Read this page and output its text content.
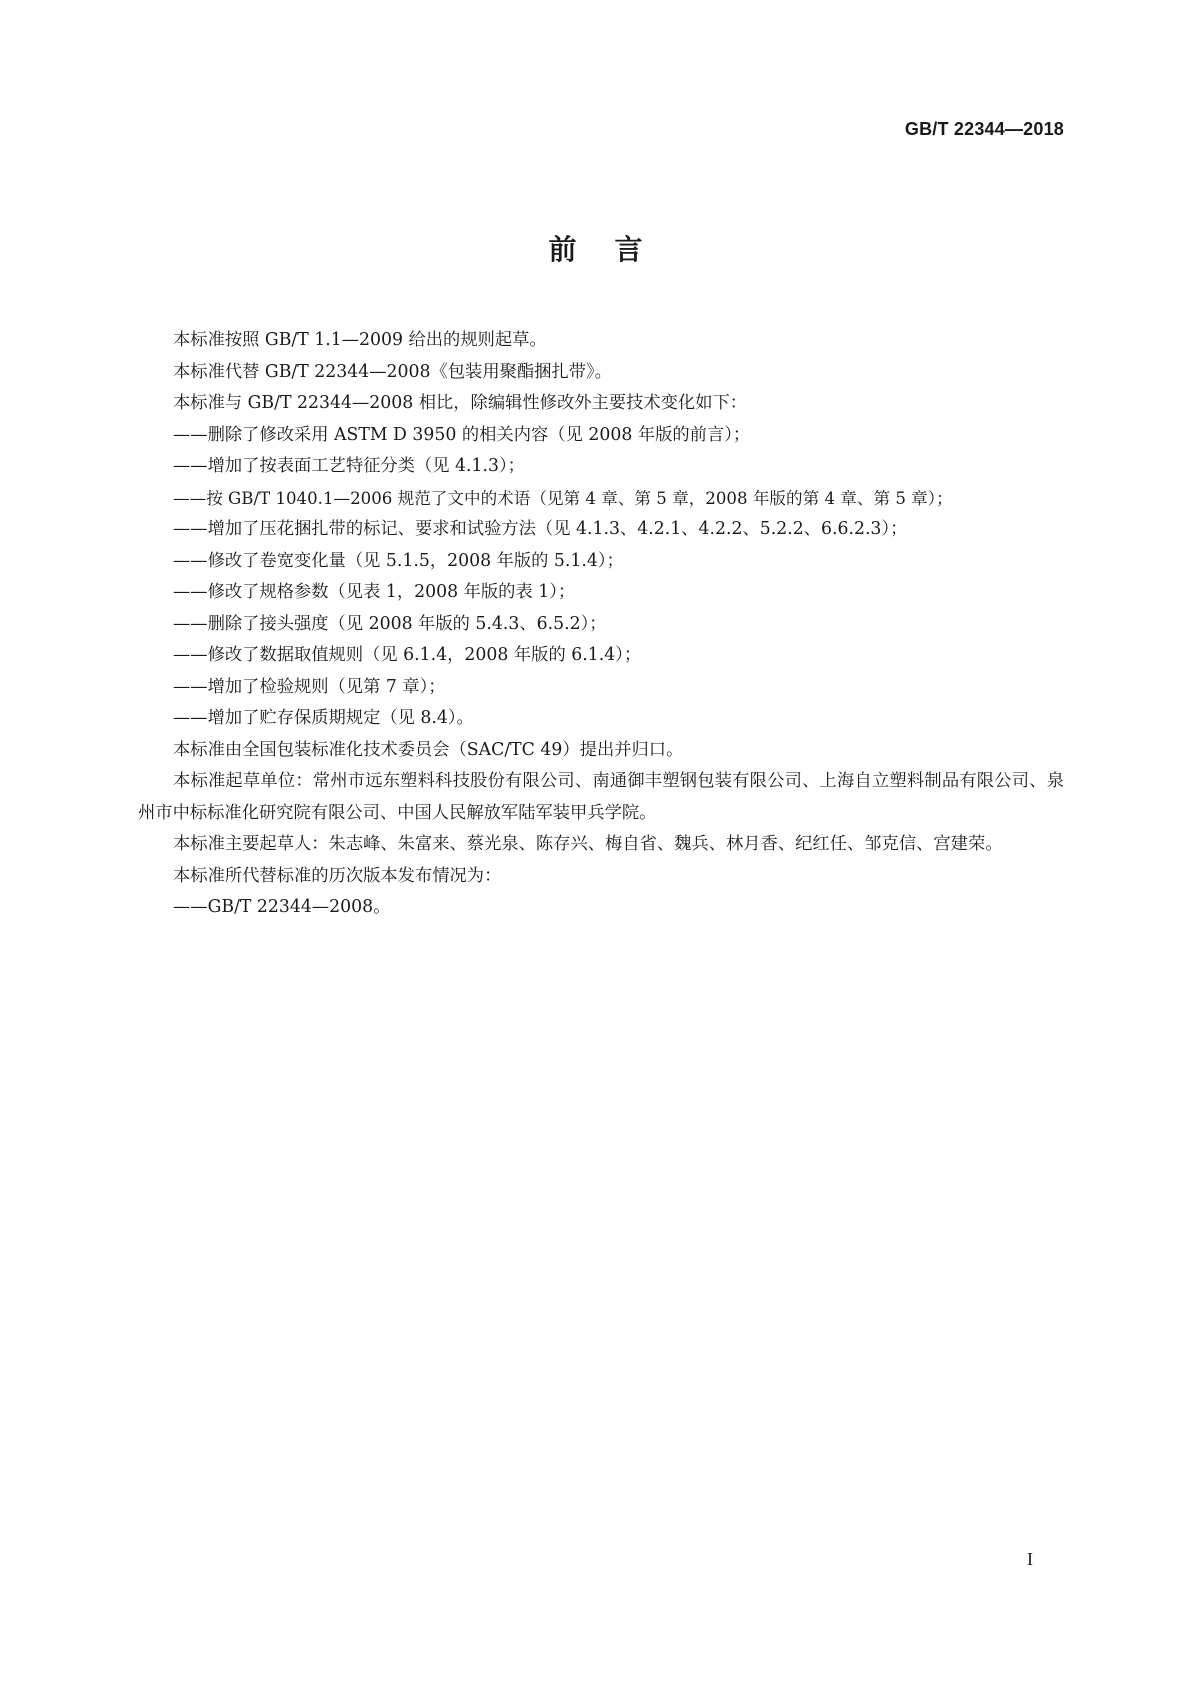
GB/T 22344—2018
前言

本标准按照 GB/T 1.1—2009 给出的规则起草。

本标准代替 GB/T 22344—2008《包装用聚酯捆扎带》。

本标准与 GB/T 22344—2008 相比，除编辑性修改外主要技术变化如下：

——删除了修改采用 ASTM D 3950 的相关内容（见 2008 年版的前言）；

——增加了按表面工艺特征分类（见 4.1.3）；

——按 GB/T 1040.1—2006 规范了文中的术语（见第 4 章、第 5 章，2008 年版的第 4 章、第 5 章）；

——增加了压花捆扎带的标记、要求和试验方法（见 4.1.3、4.2.1、4.2.2、5.2.2、6.6.2.3）；

——修改了卷宽变化量（见 5.1.5，2008 年版的 5.1.4）；

——修改了规格参数（见表 1，2008 年版的表 1）；

——删除了接头强度（见 2008 年版的 5.4.3、6.5.2）；

——修改了数据取值规则（见 6.1.4，2008 年版的 6.1.4）；

——增加了检验规则（见第 7 章）；

——增加了贮存保质期规定（见 8.4）。

本标准由全国包装标准化技术委员会（SAC/TC 49）提出并归口。

本标准起草单位：常州市远东塑料科技股份有限公司、南通御丰塑钢包装有限公司、上海自立塑料制品有限公司、泉州市中标标准化研究院有限公司、中国人民解放军陆军装甲兵学院。

本标准主要起草人：朱志峰、朱富来、蔡光泉、陈存兴、梅自省、魏兵、林月香、纪红任、邹克信、宫建荣。

本标准所代替标准的历次版本发布情况为：

——GB/T 22344—2008。

I
